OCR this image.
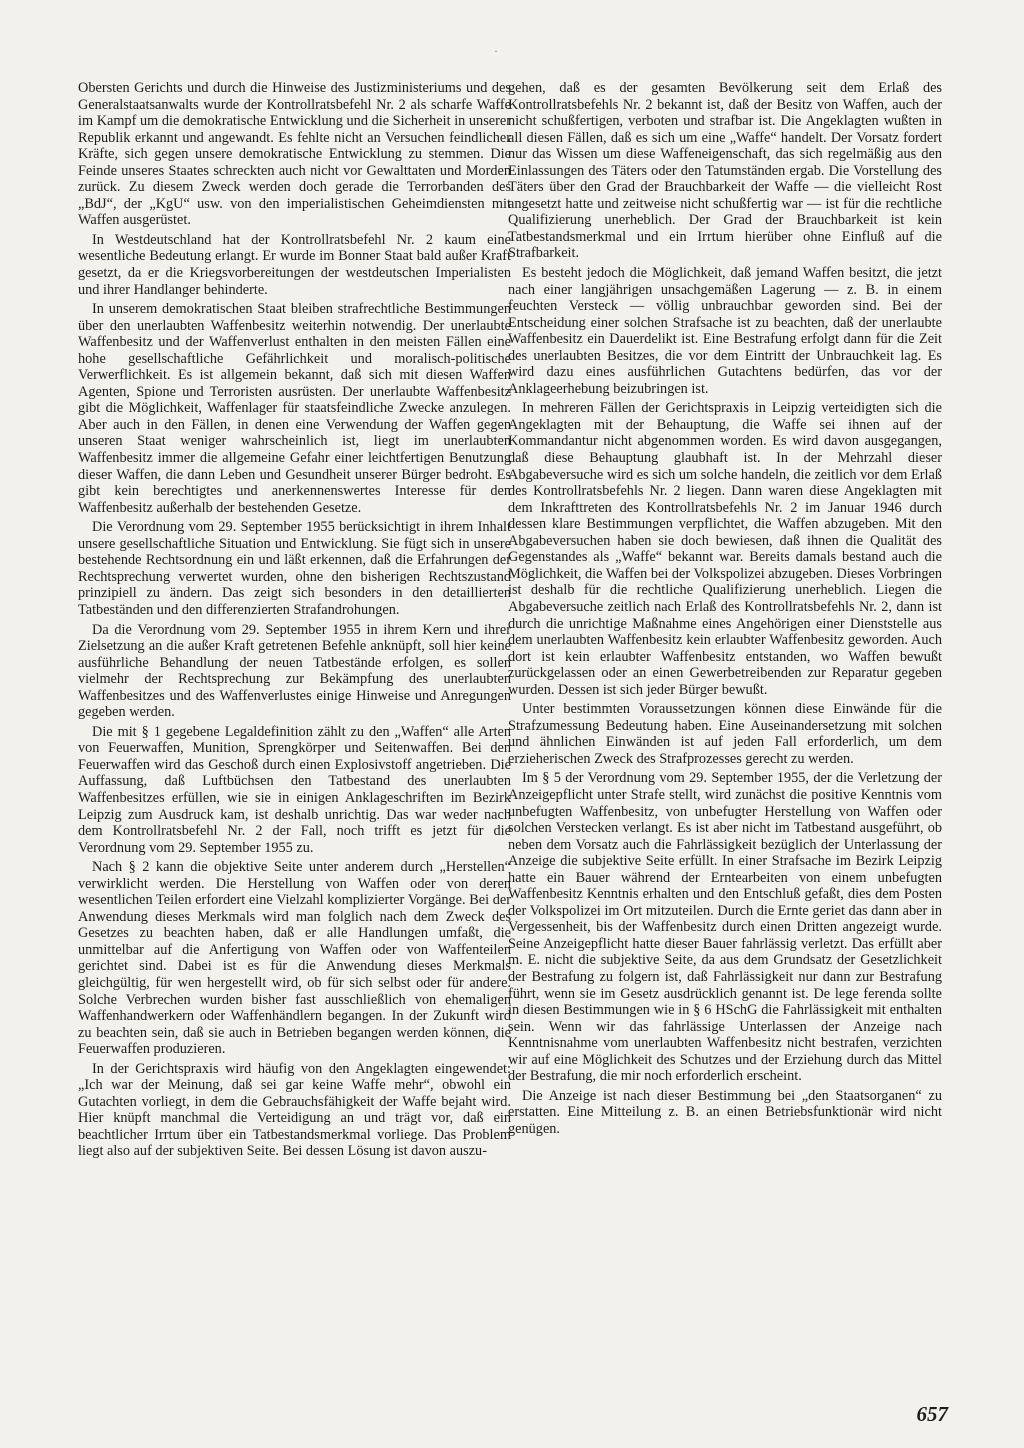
·

Obersten Gerichts und durch die Hinweise des Justizministeriums und des Generalstaatsanwalts wurde der Kontrollratsbefehl Nr. 2 als scharfe Waffe im Kampf um die demokratische Entwicklung und die Sicherheit in unserer Republik erkannt und angewandt. Es fehlte nicht an Versuchen feindlicher Kräfte, sich gegen unsere demokratische Entwicklung zu stemmen. Die Feinde unseres Staates schreckten auch nicht vor Gewalttaten und Morden zurück. Zu diesem Zweck werden doch gerade die Terrorbanden des „BdJ“, der „KgU“ usw. von den imperialistischen Geheimdiensten mit Waffen ausgerüstet.

In Westdeutschland hat der Kontrollratsbefehl Nr. 2 kaum eine wesentliche Bedeutung erlangt. Er wurde im Bonner Staat bald außer Kraft gesetzt, da er die Kriegsvorbereitungen der westdeutschen Imperialisten und ihrer Handlanger behinderte.

In unserem demokratischen Staat bleiben strafrechtliche Bestimmungen über den unerlaubten Waffenbesitz weiterhin notwendig. Der unerlaubte Waffenbesitz und der Waffenverlust enthalten in den meisten Fällen eine hohe gesellschaftliche Gefährlichkeit und moralisch-politische Verwerflichkeit. Es ist allgemein bekannt, daß sich mit diesen Waffen Agenten, Spione und Terroristen ausrüsten. Der unerlaubte Waffenbesitz gibt die Möglichkeit, Waffenlager für staatsfeindliche Zwecke anzulegen. Aber auch in den Fällen, in denen eine Verwendung der Waffen gegen unseren Staat weniger wahrscheinlich ist, liegt im unerlaubten Waffenbesitz immer die allgemeine Gefahr einer leichtfertigen Benutzung dieser Waffen, die dann Leben und Gesundheit unserer Bürger bedroht. Es gibt kein berechtigtes und anerkennenswertes Interesse für den Waffenbesitz außerhalb der bestehenden Gesetze.

Die Verordnung vom 29. September 1955 berücksichtigt in ihrem Inhalt unsere gesellschaftliche Situation und Entwicklung. Sie fügt sich in unsere bestehende Rechtsordnung ein und läßt erkennen, daß die Erfahrungen der Rechtsprechung verwertet wurden, ohne den bisherigen Rechtszustand prinzipiell zu ändern. Das zeigt sich besonders in den detaillierten Tatbeständen und den differenzierten Strafandrohungen.

Da die Verordnung vom 29. September 1955 in ihrem Kern und ihrer Zielsetzung an die außer Kraft getretenen Befehle anknüpft, soll hier keine ausführliche Behandlung der neuen Tatbestände erfolgen, es sollen vielmehr der Rechtsprechung zur Bekämpfung des unerlaubten Waffenbesitzes und des Waffenverlustes einige Hinweise und Anregungen gegeben werden.

Die mit § 1 gegebene Legaldefinition zählt zu den „Waffen“ alle Arten von Feuerwaffen, Munition, Sprengkörper und Seitenwaffen. Bei den Feuerwaffen wird das Geschoß durch einen Explosivstoff angetrieben. Die Auffassung, daß Luftbüchsen den Tatbestand des unerlaubten Waffenbesitzes erfüllen, wie sie in einigen Anklageschriften im Bezirk Leipzig zum Ausdruck kam, ist deshalb unrichtig. Das war weder nach dem Kontrollratsbefehl Nr. 2 der Fall, noch trifft es jetzt für die Verordnung vom 29. September 1955 zu.

Nach § 2 kann die objektive Seite unter anderem durch „Herstellen“ verwirklicht werden. Die Herstellung von Waffen oder von deren wesentlichen Teilen erfordert eine Vielzahl komplizierter Vorgänge. Bei der Anwendung dieses Merkmals wird man folglich nach dem Zweck des Gesetzes zu beachten haben, daß er alle Handlungen umfaßt, die unmittelbar auf die Anfertigung von Waffen oder von Waffenteilen gerichtet sind. Dabei ist es für die Anwendung dieses Merkmals gleichgültig, für wen hergestellt wird, ob für sich selbst oder für andere. Solche Verbrechen wurden bisher fast ausschließlich von ehemaligen Waffenhandwerkern oder Waffenhändlern begangen. In der Zukunft wird zu beachten sein, daß sie auch in Betrieben begangen werden können, die Feuerwaffen produzieren.

In der Gerichtspraxis wird häufig von den Angeklagten eingewendet: „Ich war der Meinung, daß sei gar keine Waffe mehr“, obwohl ein Gutachten vorliegt, in dem die Gebrauchsfähigkeit der Waffe bejaht wird. Hier knüpft manchmal die Verteidigung an und trägt vor, daß ein beachtlicher Irrtum über ein Tatbestandsmerkmal vorliege. Das Problem liegt also auf der subjektiven Seite. Bei dessen Lösung ist davon auszu-

gehen, daß es der gesamten Bevölkerung seit dem Erlaß des Kontrollratsbefehls Nr. 2 bekannt ist, daß der Besitz von Waffen, auch der nicht schußfertigen, verboten und strafbar ist. Die Angeklagten wußten in all diesen Fällen, daß es sich um eine „Waffe“ handelt. Der Vorsatz fordert nur das Wissen um diese Waffeneigenschaft, das sich regelmäßig aus den Einlassungen des Täters oder den Tatumständen ergab. Die Vorstellung des Täters über den Grad der Brauchbarkeit der Waffe — die vielleicht Rost angesetzt hatte und zeitweise nicht schußfertig war — ist für die rechtliche Qualifizierung unerheblich. Der Grad der Brauchbarkeit ist kein Tatbestandsmerkmal und ein Irrtum hierüber ohne Einfluß auf die Strafbarkeit.

Es besteht jedoch die Möglichkeit, daß jemand Waffen besitzt, die jetzt nach einer langjährigen unsachgemäßen Lagerung — z. B. in einem feuchten Versteck — völlig unbrauchbar geworden sind. Bei der Entscheidung einer solchen Strafsache ist zu beachten, daß der unerlaubte Waffenbesitz ein Dauerdelikt ist. Eine Bestrafung erfolgt dann für die Zeit des unerlaubten Besitzes, die vor dem Eintritt der Unbrauchkeit lag. Es wird dazu eines ausführlichen Gutachtens bedürfen, das vor der Anklageerhebung beizubringen ist.

In mehreren Fällen der Gerichtspraxis in Leipzig verteidigten sich die Angeklagten mit der Behauptung, die Waffe sei ihnen auf der Kommandantur nicht abgenommen worden. Es wird davon ausgegangen, daß diese Behauptung glaubhaft ist. In der Mehrzahl dieser Abgabeversuche wird es sich um solche handeln, die zeitlich vor dem Erlaß des Kontrollratsbefehls Nr. 2 liegen. Dann waren diese Angeklagten mit dem Inkrafttreten des Kontrollratsbefehls Nr. 2 im Januar 1946 durch dessen klare Bestimmungen verpflichtet, die Waffen abzugeben. Mit den Abgabeversuchen haben sie doch bewiesen, daß ihnen die Qualität des Gegenstandes als „Waffe“ bekannt war. Bereits damals bestand auch die Möglichkeit, die Waffen bei der Volkspolizei abzugeben. Dieses Vorbringen ist deshalb für die rechtliche Qualifizierung unerheblich. Liegen die Abgabeversuche zeitlich nach Erlaß des Kontrollratsbefehls Nr. 2, dann ist durch die unrichtige Maßnahme eines Angehörigen einer Dienststelle aus dem unerlaubten Waffenbesitz kein erlaubter Waffenbesitz geworden. Auch dort ist kein erlaubter Waffenbesitz entstanden, wo Waffen bewußt zurückgelassen oder an einen Gewerbetreibenden zur Reparatur gegeben wurden. Dessen ist sich jeder Bürger bewußt.

Unter bestimmten Voraussetzungen können diese Einwände für die Strafzumessung Bedeutung haben. Eine Auseinandersetzung mit solchen und ähnlichen Einwänden ist auf jeden Fall erforderlich, um dem erzieherischen Zweck des Strafprozesses gerecht zu werden.

Im § 5 der Verordnung vom 29. September 1955, der die Verletzung der Anzeigepflicht unter Strafe stellt, wird zunächst die positive Kenntnis vom unbefugten Waffenbesitz, von unbefugter Herstellung von Waffen oder solchen Verstecken verlangt. Es ist aber nicht im Tatbestand ausgeführt, ob neben dem Vorsatz auch die Fahrlässigkeit bezüglich der Unterlassung der Anzeige die subjektive Seite erfüllt. In einer Strafsache im Bezirk Leipzig hatte ein Bauer während der Erntearbeiten von einem unbefugten Waffenbesitz Kenntnis erhalten und den Entschluß gefaßt, dies dem Posten der Volkspolizei im Ort mitzuteilen. Durch die Ernte geriet das dann aber in Vergessenheit, bis der Waffenbesitz durch einen Dritten angezeigt wurde. Seine Anzeigepflicht hatte dieser Bauer fahrlässig verletzt. Das erfüllt aber m. E. nicht die subjektive Seite, da aus dem Grundsatz der Gesetzlichkeit der Bestrafung zu folgern ist, daß Fahrlässigkeit nur dann zur Bestrafung führt, wenn sie im Gesetz ausdrücklich genannt ist. De lege ferenda sollte in diesen Bestimmungen wie in § 6 HSchG die Fahrlässigkeit mit enthalten sein. Wenn wir das fahrlässige Unterlassen der Anzeige nach Kenntnisnahme vom unerlaubten Waffenbesitz nicht bestrafen, verzichten wir auf eine Möglichkeit des Schutzes und der Erziehung durch das Mittel der Bestrafung, die mir noch erforderlich erscheint.

Die Anzeige ist nach dieser Bestimmung bei „den Staatsorganen“ zu erstatten. Eine Mitteilung z. B. an einen Betriebsfunktionär wird nicht genügen.

657
